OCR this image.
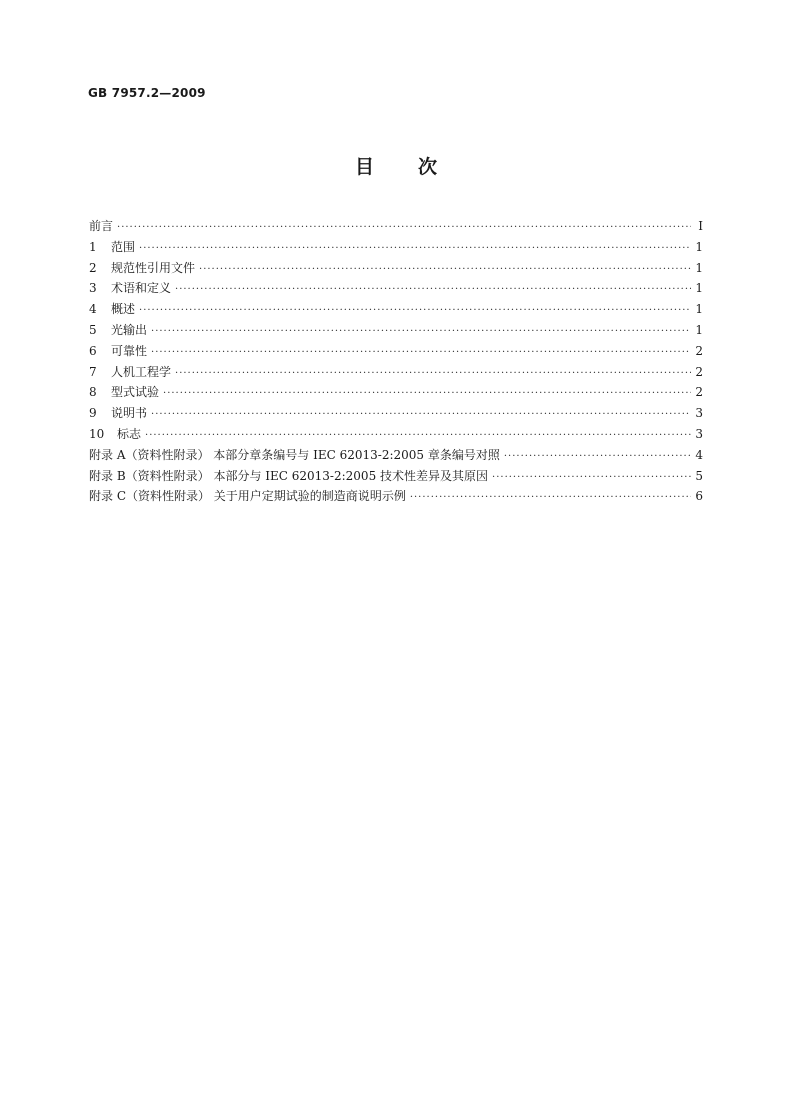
GB 7957.2—2009
目 次
前言 ·····	Ⅰ
1	范围 ·····	1
2	规范性引用文件 ·····	1
3	术语和定义 ·····	1
4	概述 ·····	1
5	光输出 ·····	1
6	可靠性 ·····	2
7	人机工程学 ·····	2
8	型式试验 ·····	2
9	说明书 ·····	3
10	标志 ·····	3
附录 A（资料性附录） 本部分章条编号与 IEC 62013-2:2005 章条编号对照 ·····	4
附录 B（资料性附录） 本部分与 IEC 62013-2:2005 技术性差异及其原因 ·····	5
附录 C（资料性附录） 关于用户定期试验的制造商说明示例 ·····	6
